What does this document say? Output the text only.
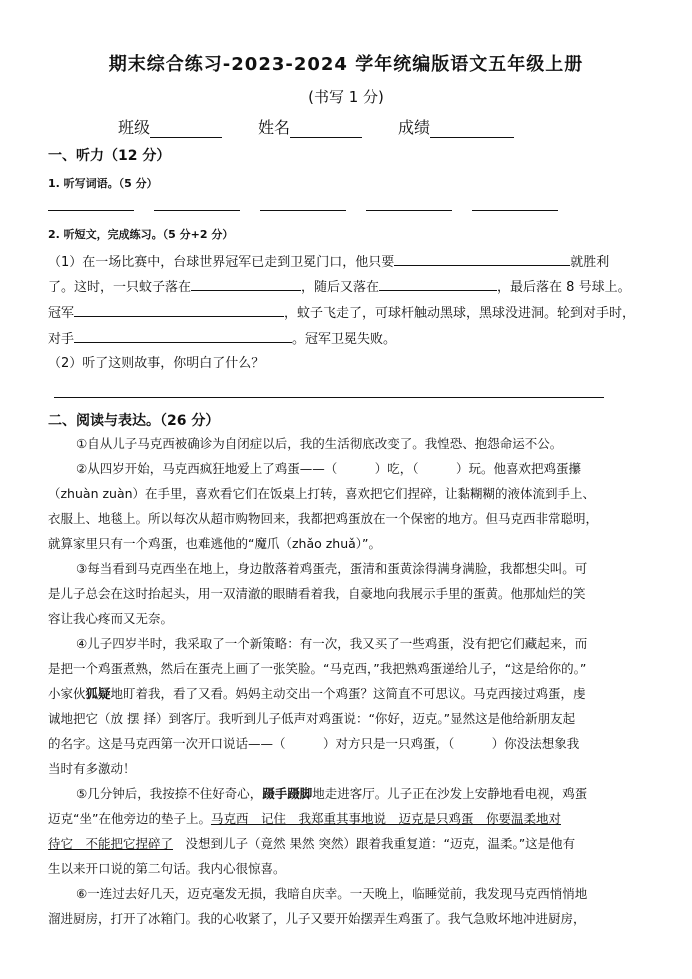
期末综合练习-2023-2024 学年统编版语文五年级上册
(书写 1 分)
班级	姓名	成绩
一、听力（12 分）
1. 听写词语。（5 分）
2. 听短文，完成练习。（5 分+2 分）
（1）在一场比赛中，台球世界冠军已走到卫冕门口，他只要	就胜利
了。这时，一只蚊子落在	，随后又落在	，最后落在 8 号球上。
冠军	，蚊子飞走了，可球杆触动黑球，黑球没进洞。轮到对手时，
对手	。冠军卫冕失败。
（2）听了这则故事，你明白了什么？
二、阅读与表达。（26 分）
①自从儿子马克西被确诊为自闭症以后，我的生活彻底改变了。我惶恐、抱怨命运不公。
②从四岁开始，马克西疯狂地爱上了鸡蛋——（　　　）吃，（　　　）玩。他喜欢把鸡蛋攥
（zhuàn zuàn）在手里，喜欢看它们在饭桌上打转，喜欢把它们捏碎，让黏糊糊的液体流到手上、
衣服上、地毯上。所以每次从超市购物回来，我都把鸡蛋放在一个保密的地方。但马克西非常聪明，
就算家里只有一个鸡蛋，也难逃他的“魔爪（zhǎo zhuǎ）”。
③每当看到马克西坐在地上，身边散落着鸡蛋壳，蛋清和蛋黄涂得满身满脸，我都想尖叫。可
是儿子总会在这时抬起头，用一双清澈的眼睛看着我，自豪地向我展示手里的蛋黄。他那灿烂的笑
容让我心疼而又无奈。
④儿子四岁半时，我采取了一个新策略：有一次，我又买了一些鸡蛋，没有把它们藏起来，而
是把一个鸡蛋煮熟，然后在蛋壳上画了一张笑脸。“马克西，”我把熟鸡蛋递给儿子，“这是给你的。”
小家伙狐疑地盯着我，看了又看。妈妈主动交出一个鸡蛋？这简直不可思议。马克西接过鸡蛋，虔
诚地把它（放 摆 择）到客厅。我听到儿子低声对鸡蛋说：“你好，迈克。”显然这是他给新朋友起
的名字。这是马克西第一次开口说话——（　　　）对方只是一只鸡蛋，（　　　）你没法想象我
当时有多激动！
⑤几分钟后，我按捺不住好奇心，蹑手蹑脚地走进客厅。儿子正在沙发上安静地看电视，鸡蛋
迈克“坐”在他旁边的垫子上。马克西　记住　我郑重其事地说　迈克是只鸡蛋　你要温柔地对
待它　不能把它捏碎了　没想到儿子（竟然 果然 突然）跟着我重复道：“迈克，温柔。”这是他有
生以来开口说的第二句话。我内心很惊喜。
⑥一连过去好几天，迈克毫发无损，我暗自庆幸。一天晚上，临睡觉前，我发现马克西悄悄地
溜进厨房，打开了冰箱门。我的心收紧了，儿子又要开始摆弄生鸡蛋了。我气急败坏地冲进厨房，
